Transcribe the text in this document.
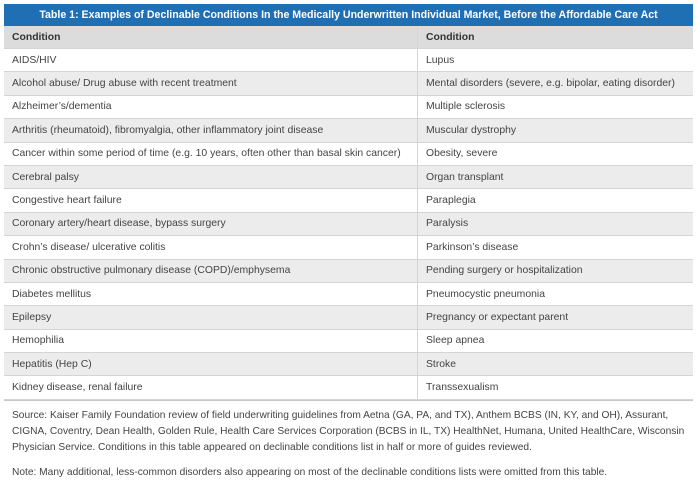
Table 1: Examples of Declinable Conditions In the Medically Underwritten Individual Market, Before the Affordable Care Act
Condition	Condition
AIDS/HIV	Lupus
Alcohol abuse/ Drug abuse with recent treatment	Mental disorders (severe, e.g. bipolar, eating disorder)
Alzheimer’s/dementia	Multiple sclerosis
Arthritis (rheumatoid), fibromyalgia, other inflammatory joint disease	Muscular dystrophy
Cancer within some period of time (e.g. 10 years, often other than basal skin cancer)	Obesity, severe
Cerebral palsy	Organ transplant
Congestive heart failure	Paraplegia
Coronary artery/heart disease, bypass surgery	Paralysis
Crohn’s disease/ ulcerative colitis	Parkinson’s disease
Chronic obstructive pulmonary disease (COPD)/emphysema	Pending surgery or hospitalization
Diabetes mellitus	Pneumocystic pneumonia
Epilepsy	Pregnancy or expectant parent
Hemophilia	Sleep apnea
Hepatitis (Hep C)	Stroke
Kidney disease, renal failure	Transsexualism

Source: Kaiser Family Foundation review of field underwriting guidelines from Aetna (GA, PA, and TX), Anthem BCBS (IN, KY, and OH), Assurant, CIGNA, Coventry, Dean Health, Golden Rule, Health Care Services Corporation (BCBS in IL, TX) HealthNet, Humana, United HealthCare, Wisconsin Physician Service. Conditions in this table appeared on declinable conditions list in half or more of guides reviewed.

Note: Many additional, less-common disorders also appearing on most of the declinable conditions lists were omitted from this table.
